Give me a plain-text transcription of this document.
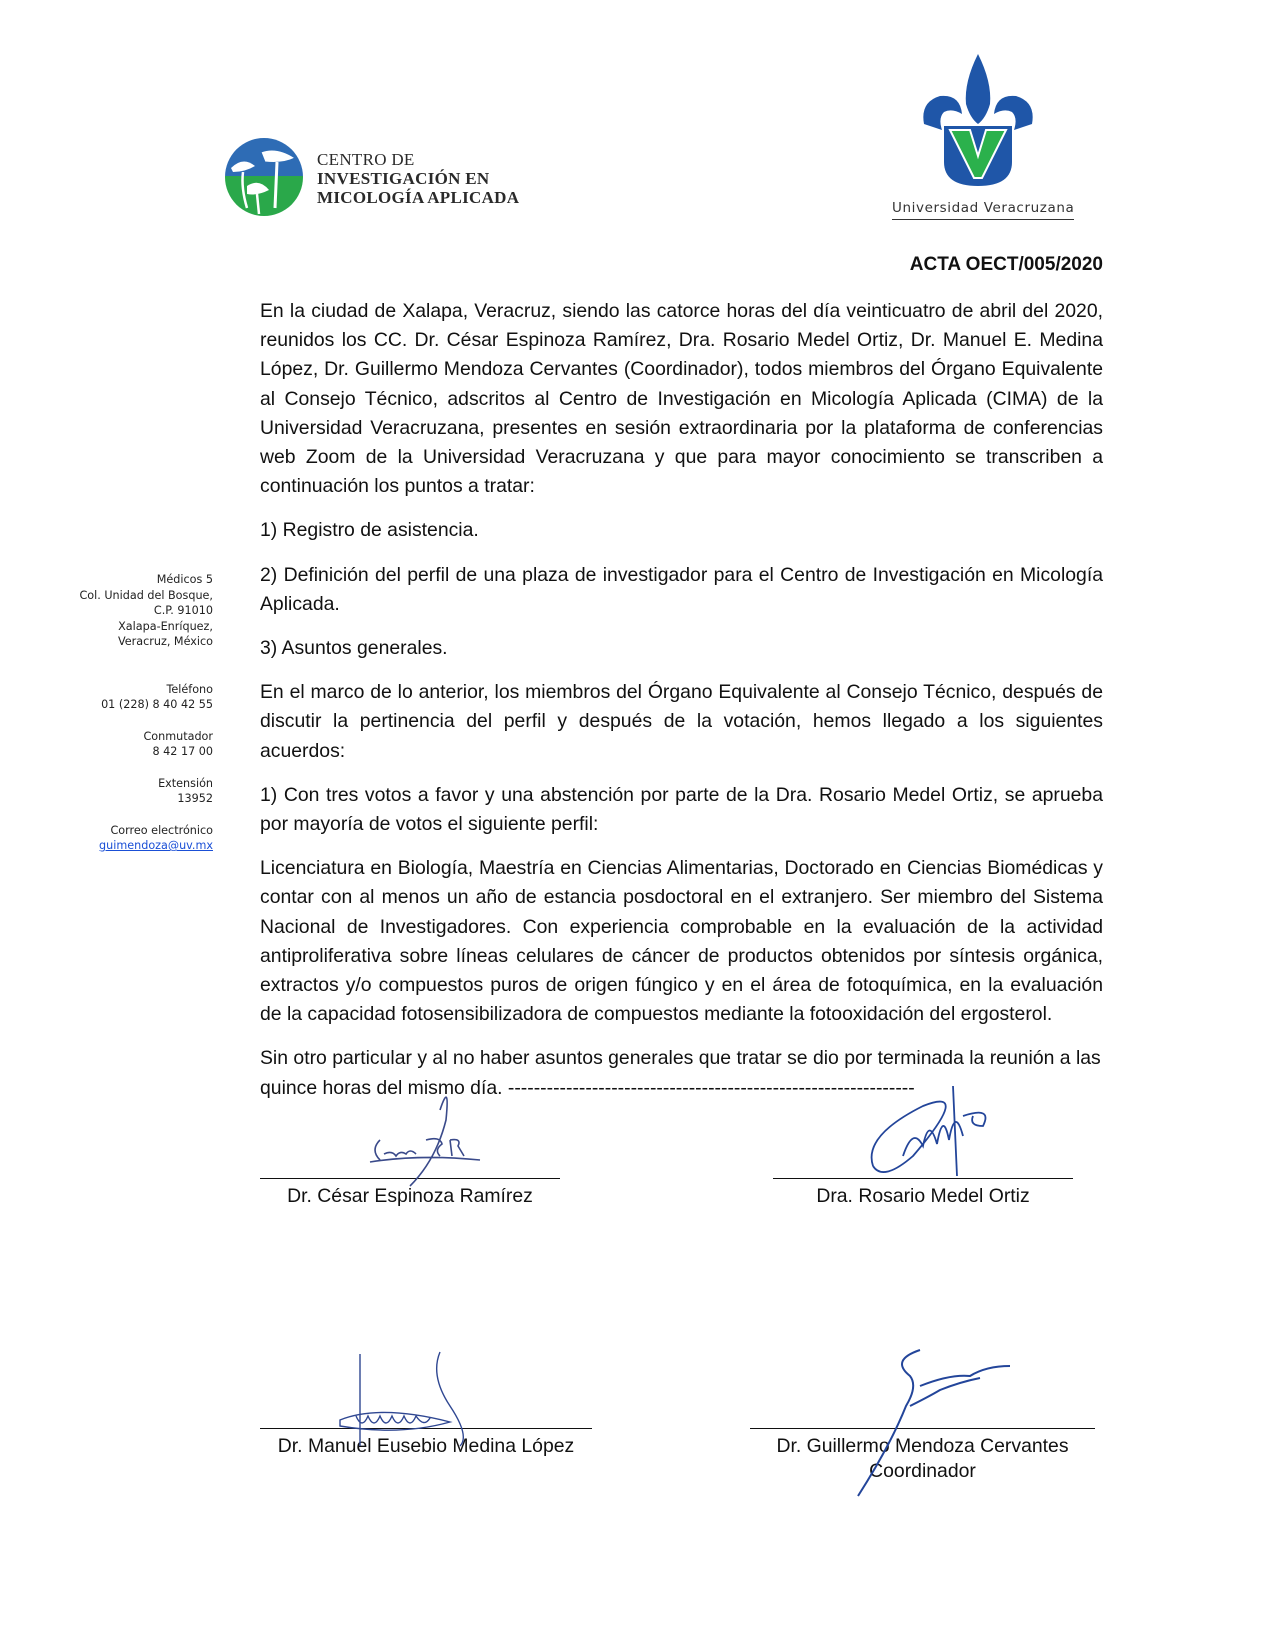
CENTRO DE
INVESTIGACIÓN EN
MICOLOGÍA APLICADA
Universidad Veracruzana
ACTA OECT/005/2020

En la ciudad de Xalapa, Veracruz, siendo las catorce horas del día veinticuatro de abril del 2020, reunidos los CC. Dr. César Espinoza Ramírez, Dra. Rosario Medel Ortiz, Dr. Manuel E. Medina López, Dr. Guillermo Mendoza Cervantes (Coordinador), todos miembros del Órgano Equivalente al Consejo Técnico, adscritos al Centro de Investigación en Micología Aplicada (CIMA) de la Universidad Veracruzana, presentes en sesión extraordinaria por la plataforma de conferencias web Zoom de la Universidad Veracruzana y que para mayor conocimiento se transcriben a continuación los puntos a tratar:

1) Registro de asistencia.

2) Definición del perfil de una plaza de investigador para el Centro de Investigación en Micología Aplicada.

3) Asuntos generales.

En el marco de lo anterior, los miembros del Órgano Equivalente al Consejo Técnico, después de discutir la pertinencia del perfil y después de la votación, hemos llegado a los siguientes acuerdos:

1) Con tres votos a favor y una abstención por parte de la Dra. Rosario Medel Ortiz, se aprueba por mayoría de votos el siguiente perfil:

Licenciatura en Biología, Maestría en Ciencias Alimentarias, Doctorado en Ciencias Biomédicas y contar con al menos un año de estancia posdoctoral en el extranjero. Ser miembro del Sistema Nacional de Investigadores. Con experiencia comprobable en la evaluación de la actividad antiproliferativa sobre líneas celulares de cáncer de productos obtenidos por síntesis orgánica, extractos y/o compuestos puros de origen fúngico y en el área de fotoquímica, en la evaluación de la capacidad fotosensibilizadora de compuestos mediante la fotooxidación del ergosterol.

Sin otro particular y al no haber asuntos generales que tratar se dio por terminada la reunión a las quince horas del mismo día. ---------------------------------------------------------------

Médicos 5
Col. Unidad del Bosque,
C.P. 91010
Xalapa-Enríquez,
Veracruz, México
Teléfono
01 (228) 8 40 42 55
Conmutador
8 42 17 00
Extensión
13952
Correo electrónico
guimendoza@uv.mx
Dr. César Espinoza Ramírez	Dra. Rosario Medel Ortiz
Dr. Manuel Eusebio Medina López	Dr. Guillermo Mendoza Cervantes
Coordinador
